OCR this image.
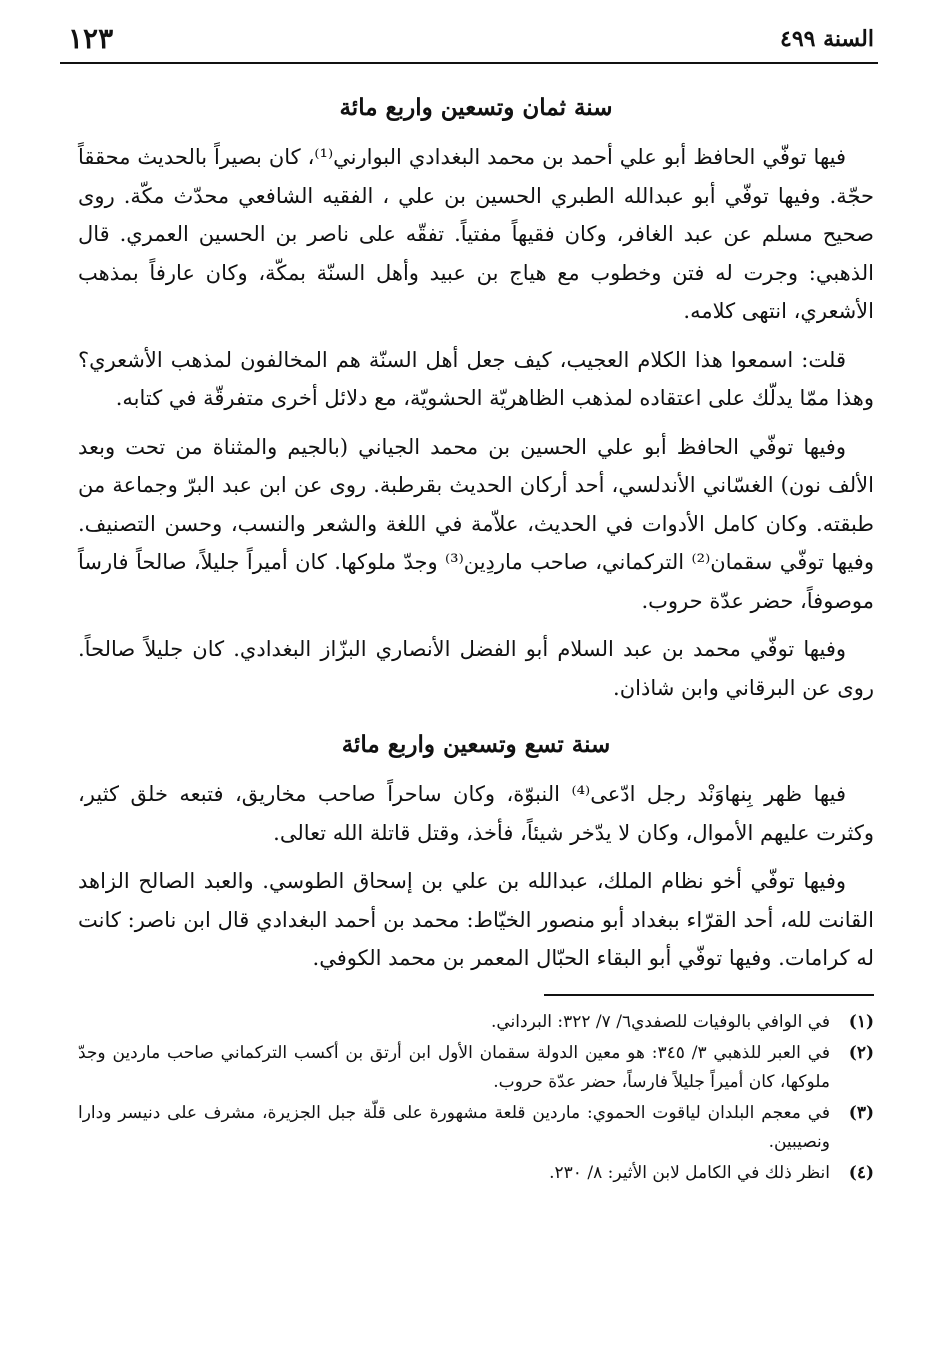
السنة ٤٩٩
١٢٣
سنة ثمان وتسعين واربع مائة

فيها توفّي الحافظ أبو علي أحمد بن محمد البغدادي البوارني⁽¹⁾، كان بصيراً بالحديث محققاً حجّة. وفيها توفّي أبو عبدالله الطبري الحسين بن علي ، الفقيه الشافعي محدّث مكّة. روى صحيح مسلم عن عبد الغافر، وكان فقيهاً مفتياً. تفقّه على ناصر بن الحسين العمري. قال الذهبي: وجرت له فتن وخطوب مع هياج بن عبيد وأهل السنّة بمكّة، وكان عارفاً بمذهب الأشعري، انتهى كلامه.

قلت: اسمعوا هذا الكلام العجيب، كيف جعل أهل السنّة هم المخالفون لمذهب الأشعري؟ وهذا ممّا يدلّك على اعتقاده لمذهب الظاهريّة الحشويّة، مع دلائل أخرى متفرقّة في كتابه.

وفيها توفّي الحافظ أبو علي الحسين بن محمد الجياني (بالجيم والمثناة من تحت وبعد الألف نون) الغسّاني الأندلسي، أحد أركان الحديث بقرطبة. روى عن ابن عبد البرّ وجماعة من طبقته. وكان كامل الأدوات في الحديث، علاّمة في اللغة والشعر والنسب، وحسن التصنيف. وفيها توفّي سقمان⁽²⁾ التركماني، صاحب ماردِين⁽³⁾ وجدّ ملوكها. كان أميراً جليلاً، صالحاً فارساً موصوفاً، حضر عدّة حروب.

وفيها توفّي محمد بن عبد السلام أبو الفضل الأنصاري البزّاز البغدادي. كان جليلاً صالحاً. روى عن البرقاني وابن شاذان.

سنة تسع وتسعين واربع مائة

فيها ظهر بِنهاوَنْد رجل ادّعى⁽⁴⁾ النبوّة، وكان ساحراً صاحب مخاريق، فتبعه خلق كثير، وكثرت عليهم الأموال، وكان لا يدّخر شيئاً، فأخذ، وقتل قاتلة الله تعالى.

وفيها توفّي أخو نظام الملك، عبدالله بن علي بن إسحاق الطوسي. والعبد الصالح الزاهد القانت لله، أحد القرّاء ببغداد أبو منصور الخيّاط: محمد بن أحمد البغدادي قال ابن ناصر: كانت له كرامات. وفيها توفّي أبو البقاء الحبّال المعمر بن محمد الكوفي.

(١)
في الوافي بالوفيات للصفدي٦/ ٧/ ٣٢٢: البرداني.
(٢)
في العبر للذهبي ٣/ ٣٤٥: هو معين الدولة سقمان الأول ابن أرتق بن أكسب التركماني صاحب ماردين وجدّ ملوكها، كان أميراً جليلاً فارساً، حضر عدّة حروب.
(٣)
في معجم البلدان لياقوت الحموي: ماردين قلعة مشهورة على قلّة جبل الجزيرة، مشرف على دنيسر ودارا ونصيبين.
(٤)
انظر ذلك في الكامل لابن الأثير: ٨/ ٢٣٠.
